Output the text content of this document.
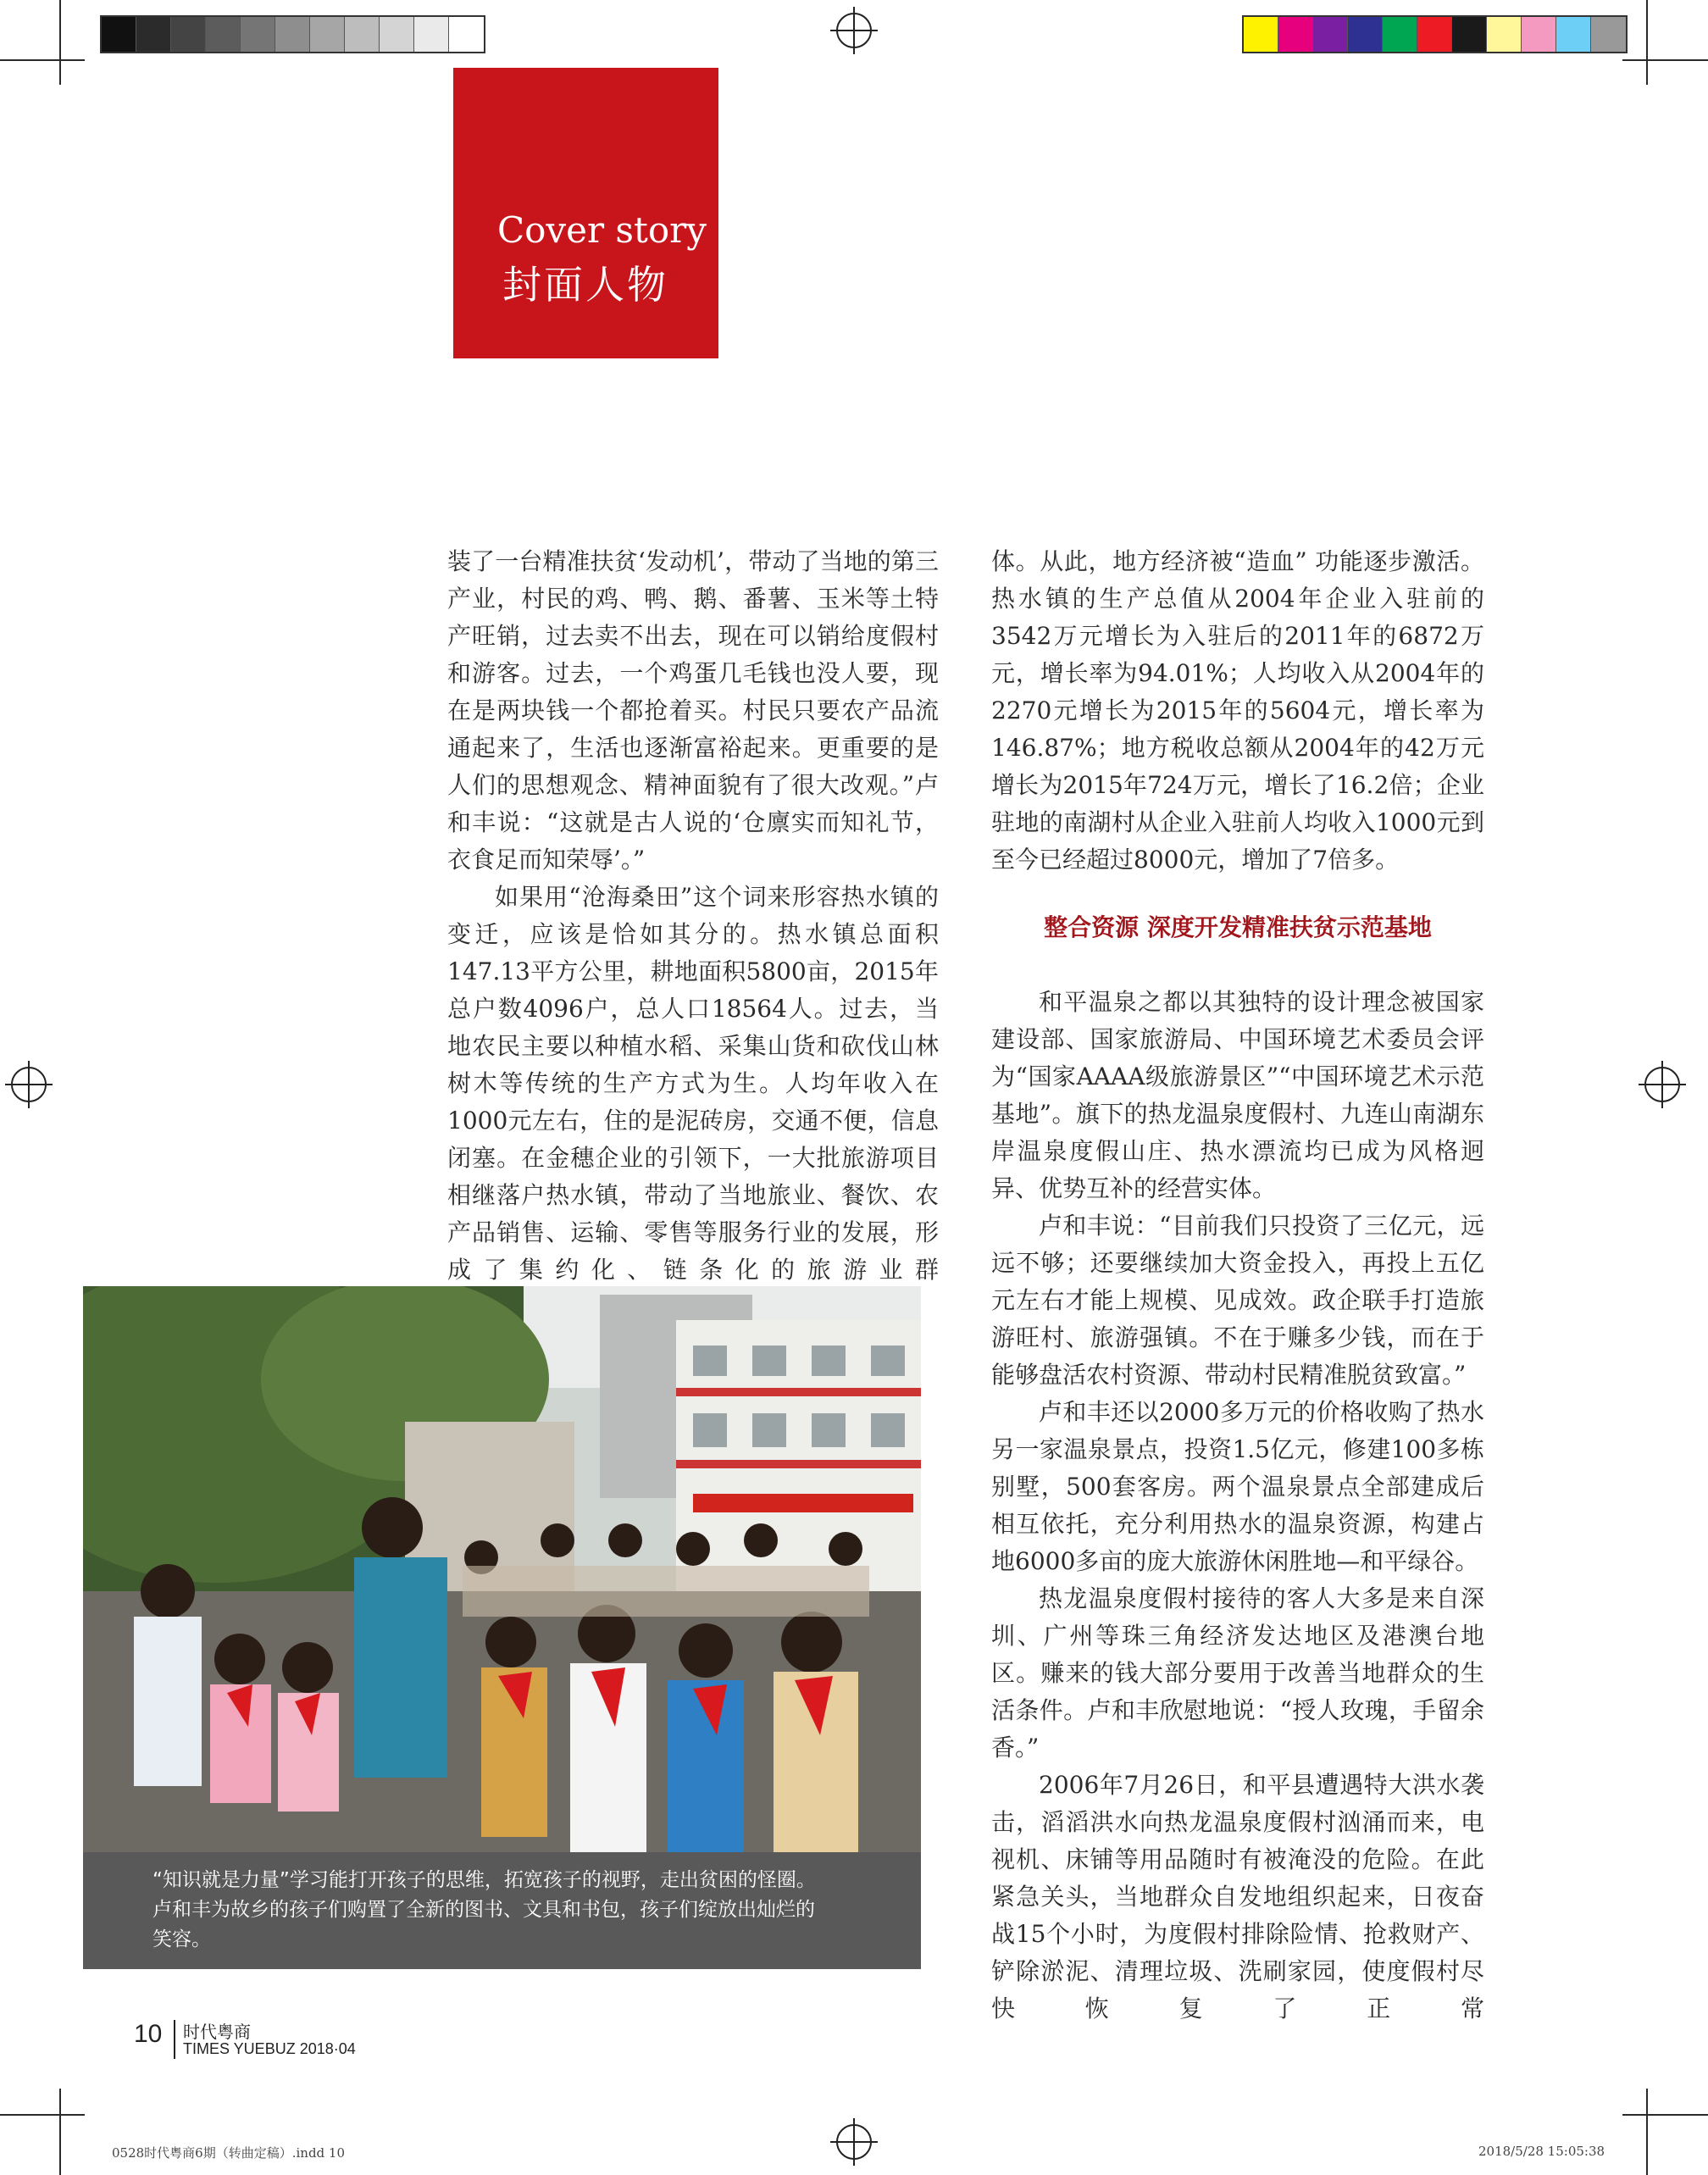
Cover story
封面人物

装了一台精准扶贫‘发动机’，带动了当地的第三产业，村民的鸡、鸭、鹅、番薯、玉米等土特产旺销，过去卖不出去，现在可以销给度假村和游客。过去，一个鸡蛋几毛钱也没人要，现在是两块钱一个都抢着买。村民只要农产品流通起来了，生活也逐渐富裕起来。更重要的是人们的思想观念、精神面貌有了很大改观。”卢和丰说：“这就是古人说的‘仓廪实而知礼节，衣食足而知荣辱’。”

如果用“沧海桑田”这个词来形容热水镇的变迁，应该是恰如其分的。热水镇总面积147.13平方公里，耕地面积5800亩，2015年总户数4096户，总人口18564人。过去，当地农民主要以种植水稻、采集山货和砍伐山林树木等传统的生产方式为生。人均年收入在1000元左右，住的是泥砖房，交通不便，信息闭塞。在金穗企业的引领下，一大批旅游项目相继落户热水镇，带动了当地旅业、餐饮、农产品销售、运输、零售等服务行业的发展，形成了集约化、链条化的旅游业群

体。从此，地方经济被“造血” 功能逐步激活。热水镇的生产总值从2004年企业入驻前的3542万元增长为入驻后的2011年的6872万元，增长率为94.01%；人均收入从2004年的2270元增长为2015年的5604元，增长率为146.87%；地方税收总额从2004年的42万元增长为2015年724万元，增长了16.2倍；企业驻地的南湖村从企业入驻前人均收入1000元到至今已经超过8000元，增加了7倍多。

整合资源 深度开发精准扶贫示范基地

和平温泉之都以其独特的设计理念被国家建设部、国家旅游局、中国环境艺术委员会评为“国家AAAA级旅游景区”“中国环境艺术示范基地”。旗下的热龙温泉度假村、九连山南湖东岸温泉度假山庄、热水漂流均已成为风格迥异、优势互补的经营实体。

卢和丰说：“目前我们只投资了三亿元，远远不够；还要继续加大资金投入，再投上五亿元左右才能上规模、见成效。政企联手打造旅游旺村、旅游强镇。不在于赚多少钱，而在于能够盘活农村资源、带动村民精准脱贫致富。”

卢和丰还以2000多万元的价格收购了热水另一家温泉景点，投资1.5亿元，修建100多栋别墅，500套客房。两个温泉景点全部建成后相互依托，充分利用热水的温泉资源，构建占地6000多亩的庞大旅游休闲胜地—和平绿谷。

热龙温泉度假村接待的客人大多是来自深圳、广州等珠三角经济发达地区及港澳台地区。赚来的钱大部分要用于改善当地群众的生活条件。卢和丰欣慰地说：“授人玫瑰，手留余香。”

2006年7月26日，和平县遭遇特大洪水袭击，滔滔洪水向热龙温泉度假村汹涌而来，电视机、床铺等用品随时有被淹没的危险。在此紧急关头，当地群众自发地组织起来，日夜奋战15个小时，为度假村排除险情、抢救财产、铲除淤泥、清理垃圾、洗刷家园，使度假村尽快恢复了正常

“知识就是力量”学习能打开孩子的思维，拓宽孩子的视野，走出贫困的怪圈。
卢和丰为故乡的孩子们购置了全新的图书、文具和书包，孩子们绽放出灿烂的
笑容。
10 时代粤商
TIMES YUEBUZ 2018·04
0528时代粤商6期（转曲定稿）.indd 10	2018/5/28 15:05:38
